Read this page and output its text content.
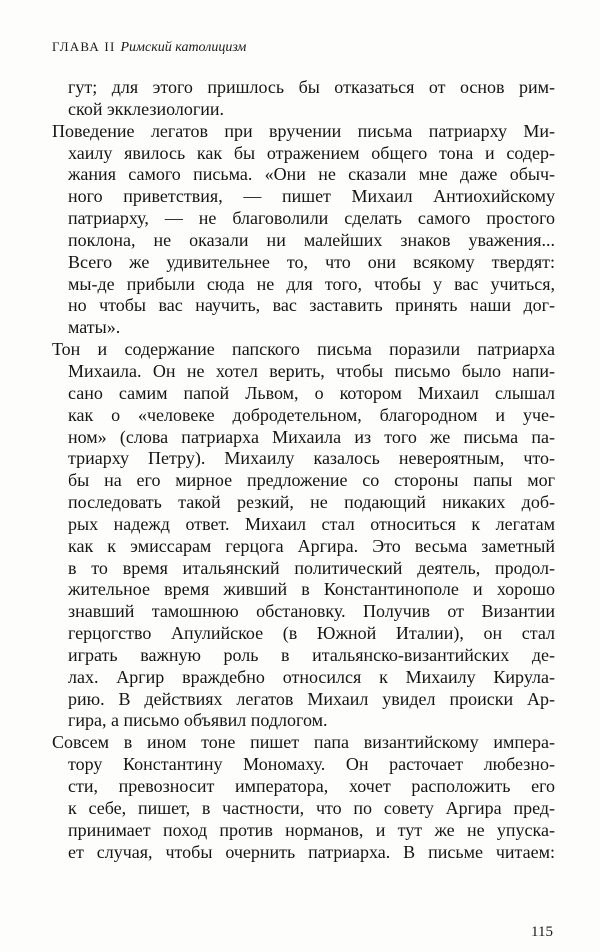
ГЛАВА II Римский католицизм
гут; для этого пришлось бы отказаться от основ рим-
ской экклезиологии.
Поведение легатов при вручении письма патриарху Ми-
хаилу явилось как бы отражением общего тона и содер-
жания самого письма. «Они не сказали мне даже обыч-
ного приветствия, — пишет Михаил Антиохийскому
патриарху, — не благоволили сделать самого простого
поклона, не оказали ни малейших знаков уважения...
Всего же удивительнее то, что они всякому твердят:
мы-де прибыли сюда не для того, чтобы у вас учиться,
но чтобы вас научить, вас заставить принять наши дог-
маты».
Тон и содержание папского письма поразили патриарха
Михаила. Он не хотел верить, чтобы письмо было напи-
сано самим папой Львом, о котором Михаил слышал
как о «человеке добродетельном, благородном и уче-
ном» (слова патриарха Михаила из того же письма па-
триарху Петру). Михаилу казалось невероятным, что-
бы на его мирное предложение со стороны папы мог
последовать такой резкий, не подающий никаких доб-
рых надежд ответ. Михаил стал относиться к легатам
как к эмиссарам герцога Аргира. Это весьма заметный
в то время итальянский политический деятель, продол-
жительное время живший в Константинополе и хорошо
знавший тамошнюю обстановку. Получив от Византии
герцогство Апулийское (в Южной Италии), он стал
играть важную роль в итальянско-византийских де-
лах. Аргир враждебно относился к Михаилу Кирула-
рию. В действиях легатов Михаил увидел происки Ар-
гира, а письмо объявил подлогом.
Совсем в ином тоне пишет папа византийскому импера-
тору Константину Мономаху. Он расточает любезно-
сти, превозносит императора, хочет расположить его
к себе, пишет, в частности, что по совету Аргира пред-
принимает поход против норманов, и тут же не упуска-
ет случая, чтобы очернить патриарха. В письме читаем:
115
